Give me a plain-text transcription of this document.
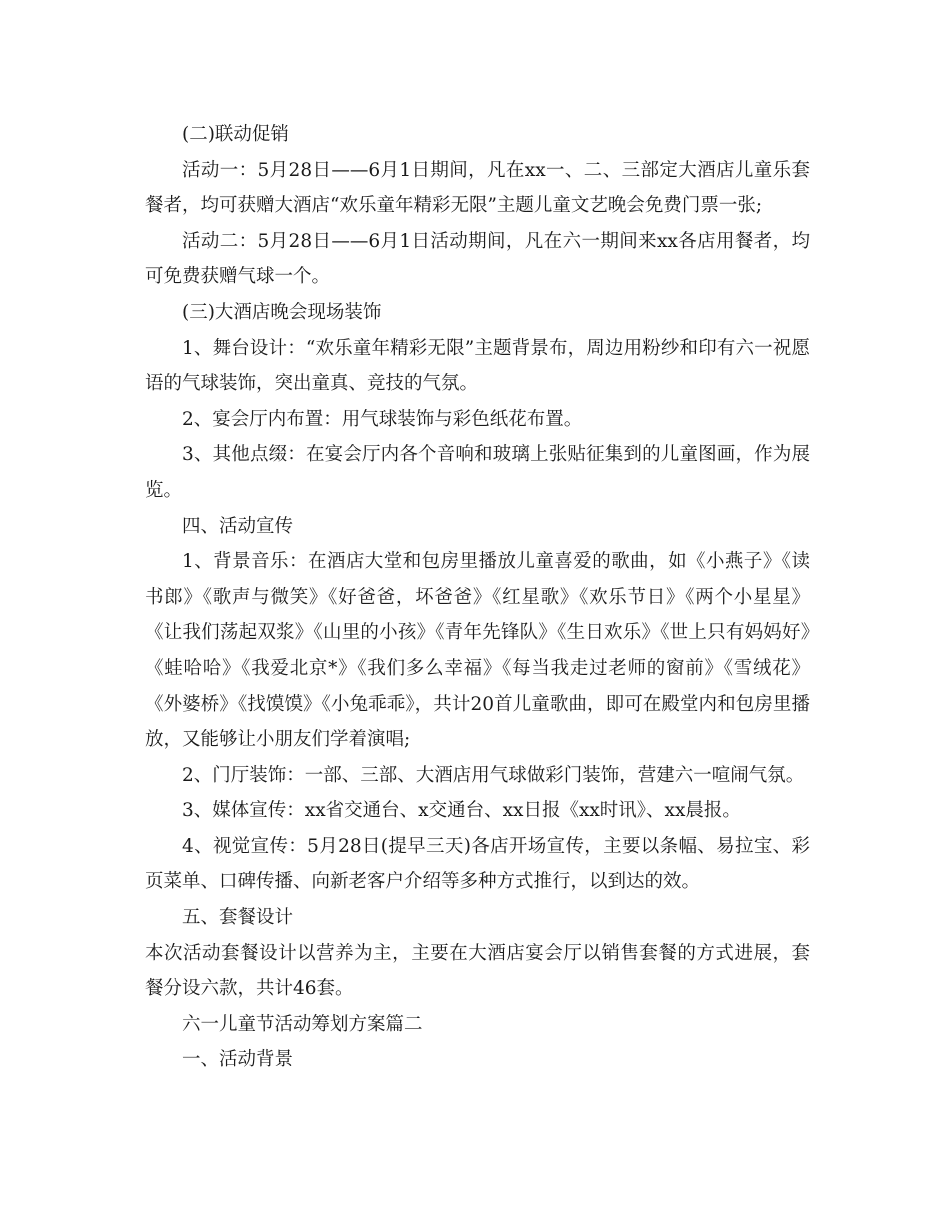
(二)联动促销

活动一：5月28日——6月1日期间，凡在xx一、二、三部定大酒店儿童乐套餐者，均可获赠大酒店“欢乐童年精彩无限”主题儿童文艺晚会免费门票一张;

活动二：5月28日——6月1日活动期间，凡在六一期间来xx各店用餐者，均可免费获赠气球一个。

(三)大酒店晚会现场装饰

1、舞台设计：“欢乐童年精彩无限”主题背景布，周边用粉纱和印有六一祝愿语的气球装饰，突出童真、竞技的气氛。

2、宴会厅内布置：用气球装饰与彩色纸花布置。

3、其他点缀：在宴会厅内各个音响和玻璃上张贴征集到的儿童图画，作为展览。

四、活动宣传

1、背景音乐：在酒店大堂和包房里播放儿童喜爱的歌曲，如《小燕子》《读书郎》《歌声与微笑》《好爸爸，坏爸爸》《红星歌》《欢乐节日》《两个小星星》《让我们荡起双浆》《山里的小孩》《青年先锋队》《生日欢乐》《世上只有妈妈好》《蛙哈哈》《我爱北京*》《我们多么幸福》《每当我走过老师的窗前》《雪绒花》《外婆桥》《找馍馍》《小兔乖乖》，共计20首儿童歌曲，即可在殿堂内和包房里播放，又能够让小朋友们学着演唱;

2、门厅装饰：一部、三部、大酒店用气球做彩门装饰，营建六一喧闹气氛。

3、媒体宣传：xx省交通台、x交通台、xx日报《xx时讯》、xx晨报。

4、视觉宣传：5月28日(提早三天)各店开场宣传，主要以条幅、易拉宝、彩页菜单、口碑传播、向新老客户介绍等多种方式推行，以到达的效。

五、套餐设计

本次活动套餐设计以营养为主，主要在大酒店宴会厅以销售套餐的方式进展，套餐分设六款，共计46套。

六一儿童节活动筹划方案篇二

一、活动背景
